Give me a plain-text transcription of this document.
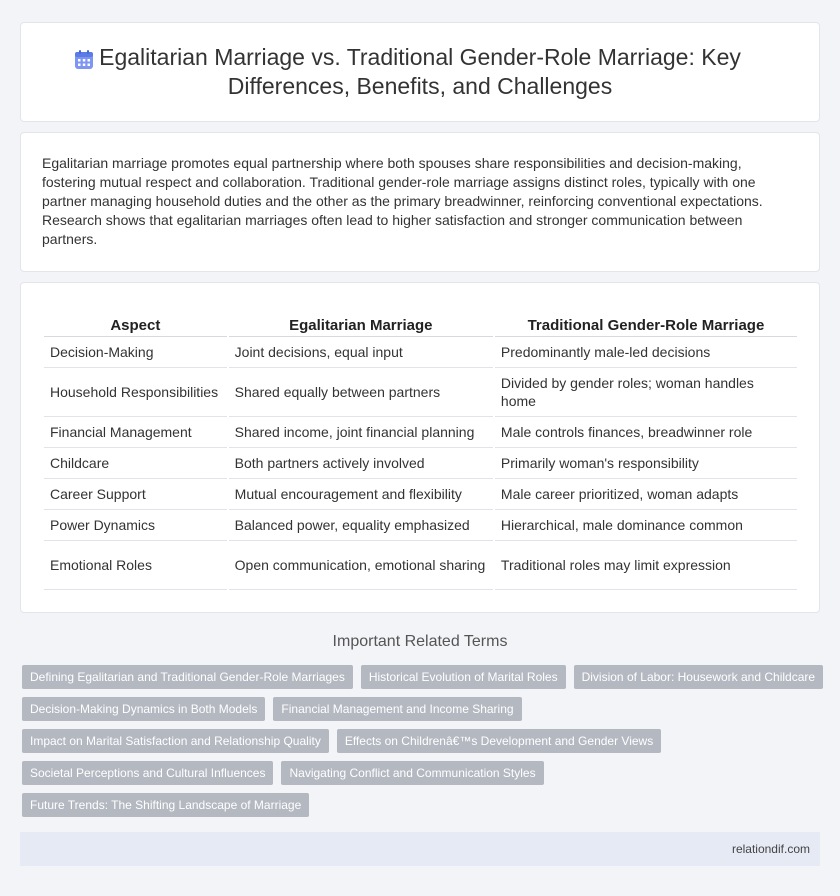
Egalitarian Marriage vs. Traditional Gender-Role Marriage: Key Differences, Benefits, and Challenges

Egalitarian marriage promotes equal partnership where both spouses share responsibilities and decision-making, fostering mutual respect and collaboration. Traditional gender-role marriage assigns distinct roles, typically with one partner managing household duties and the other as the primary breadwinner, reinforcing conventional expectations. Research shows that egalitarian marriages often lead to higher satisfaction and stronger communication between partners.

Aspect	Egalitarian Marriage	Traditional Gender-Role Marriage
Decision-Making	Joint decisions, equal input	Predominantly male-led decisions
Household Responsibilities	Shared equally between partners	Divided by gender roles; woman handles home
Financial Management	Shared income, joint financial planning	Male controls finances, breadwinner role
Childcare	Both partners actively involved	Primarily woman's responsibility
Career Support	Mutual encouragement and flexibility	Male career prioritized, woman adapts
Power Dynamics	Balanced power, equality emphasized	Hierarchical, male dominance common
Emotional Roles	Open communication, emotional sharing	Traditional roles may limit expression
Important Related Terms
Defining Egalitarian and Traditional Gender-Role Marriages	Historical Evolution of Marital Roles	Division of Labor: Housework and Childcare
Decision-Making Dynamics in Both Models	Financial Management and Income Sharing
Impact on Marital Satisfaction and Relationship Quality	Effects on Childrenâ€™s Development and Gender Views
Societal Perceptions and Cultural Influences	Navigating Conflict and Communication Styles
Future Trends: The Shifting Landscape of Marriage
relationdif.com
